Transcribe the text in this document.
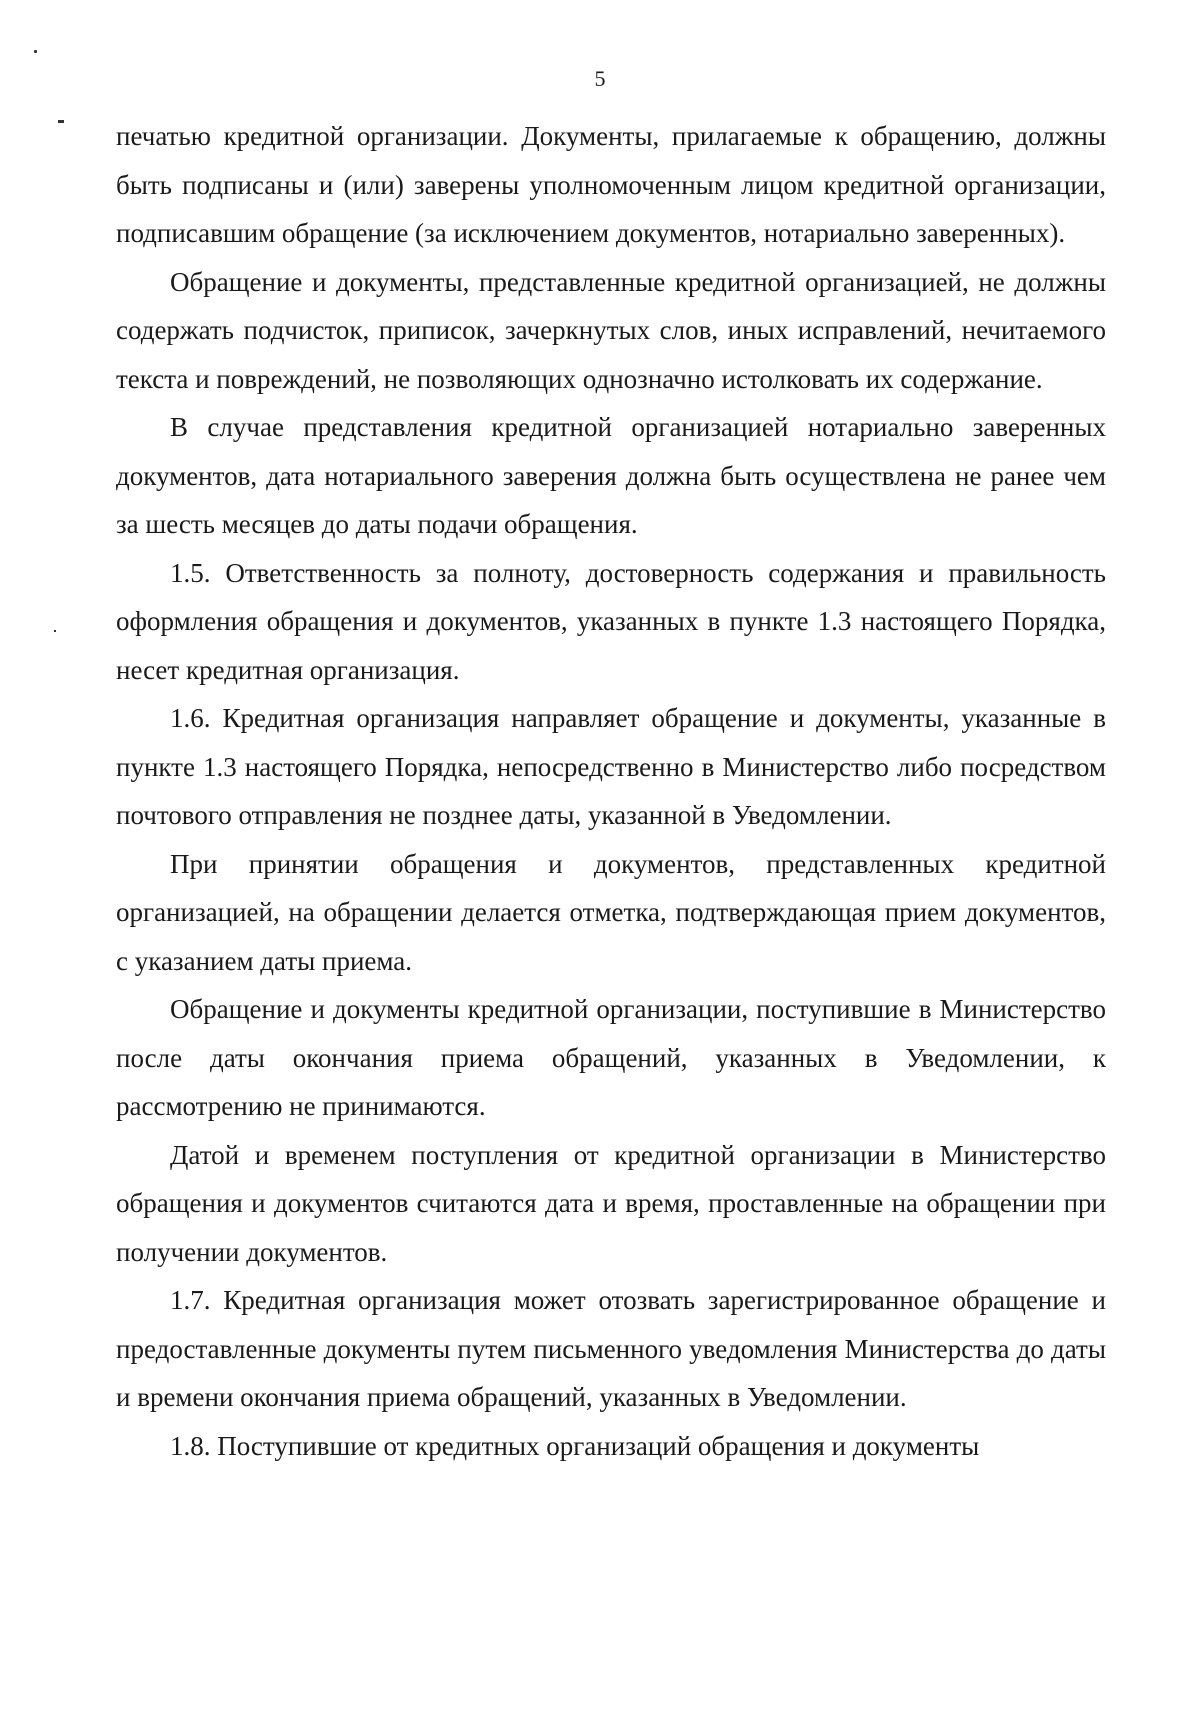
5

печатью кредитной организации. Документы, прилагаемые к обращению, должны быть подписаны и (или) заверены уполномоченным лицом кредитной организации, подписавшим обращение (за исключением документов, нотариально заверенных).

Обращение и документы, представленные кредитной организацией, не должны содержать подчисток, приписок, зачеркнутых слов, иных исправлений, нечитаемого текста и повреждений, не позволяющих однозначно истолковать их содержание.

В случае представления кредитной организацией нотариально заверенных документов, дата нотариального заверения должна быть осуществлена не ранее чем за шесть месяцев до даты подачи обращения.

1.5. Ответственность за полноту, достоверность содержания и правильность оформления обращения и документов, указанных в пункте 1.3 настоящего Порядка, несет кредитная организация.

1.6. Кредитная организация направляет обращение и документы, указанные в пункте 1.3 настоящего Порядка, непосредственно в Министерство либо посредством почтового отправления не позднее даты, указанной в Уведомлении.

При принятии обращения и документов, представленных кредитной организацией, на обращении делается отметка, подтверждающая прием документов, с указанием даты приема.

Обращение и документы кредитной организации, поступившие в Министерство после даты окончания приема обращений, указанных в Уведомлении, к рассмотрению не принимаются.

Датой и временем поступления от кредитной организации в Министерство обращения и документов считаются дата и время, проставленные на обращении при получении документов.

1.7. Кредитная организация может отозвать зарегистрированное обращение и предоставленные документы путем письменного уведомления Министерства до даты и времени окончания приема обращений, указанных в Уведомлении.

1.8. Поступившие от кредитных организаций обращения и документы
